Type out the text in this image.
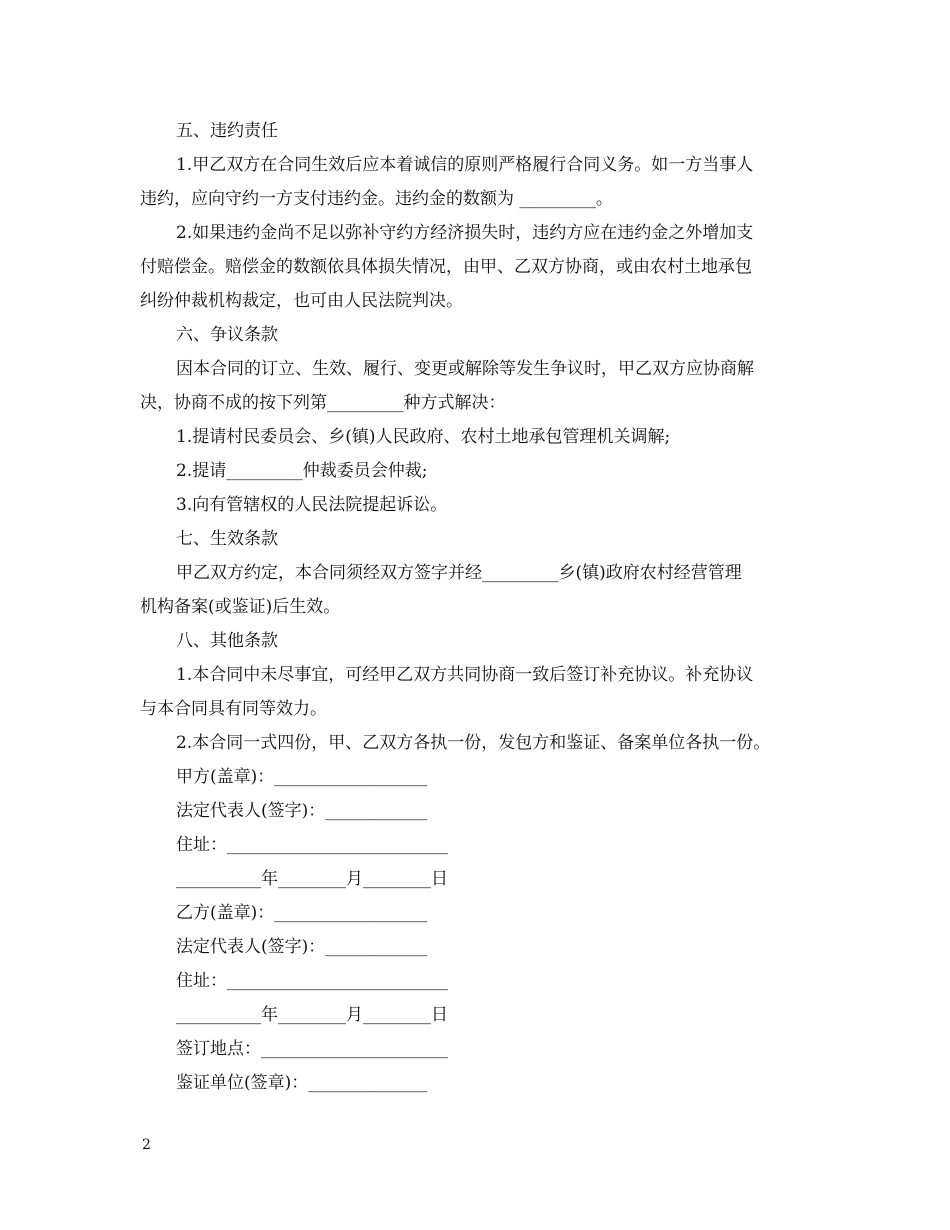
五、违约责任
1.甲乙双方在合同生效后应本着诚信的原则严格履行合同义务。如一方当事人
违约，应向守约一方支付违约金。违约金的数额为 _________。
2.如果违约金尚不足以弥补守约方经济损失时，违约方应在违约金之外增加支
付赔偿金。赔偿金的数额依具体损失情况，由甲、乙双方协商，或由农村土地承包
纠纷仲裁机构裁定，也可由人民法院判决。
六、争议条款
因本合同的订立、生效、履行、变更或解除等发生争议时，甲乙双方应协商解
决，协商不成的按下列第_________种方式解决：
1.提请村民委员会、乡(镇)人民政府、农村土地承包管理机关调解;
2.提请_________仲裁委员会仲裁;
3.向有管辖权的人民法院提起诉讼。
七、生效条款
甲乙双方约定，本合同须经双方签字并经_________乡(镇)政府农村经营管理
机构备案(或鉴证)后生效。
八、其他条款
1.本合同中未尽事宜，可经甲乙双方共同协商一致后签订补充协议。补充协议
与本合同具有同等效力。
2.本合同一式四份，甲、乙双方各执一份，发包方和鉴证、备案单位各执一份。
甲方(盖章)：__________________
法定代表人(签字)：____________
住址：__________________________
__________年________月________日
乙方(盖章)：__________________
法定代表人(签字)：____________
住址：__________________________
__________年________月________日
签订地点：______________________
鉴证单位(签章)：______________
2
